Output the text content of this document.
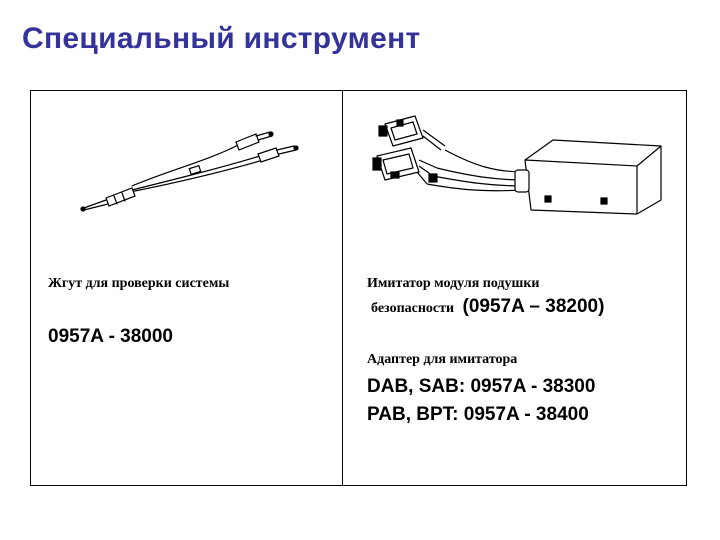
Специальный инструмент
Жгут для проверки системы
0957A - 38000
Имитатор модуля подушки
безопасности (0957A – 38200)
Адаптер для имитатора
DAB, SAB: 0957A - 38300
PAB, BPT: 0957A - 38400
